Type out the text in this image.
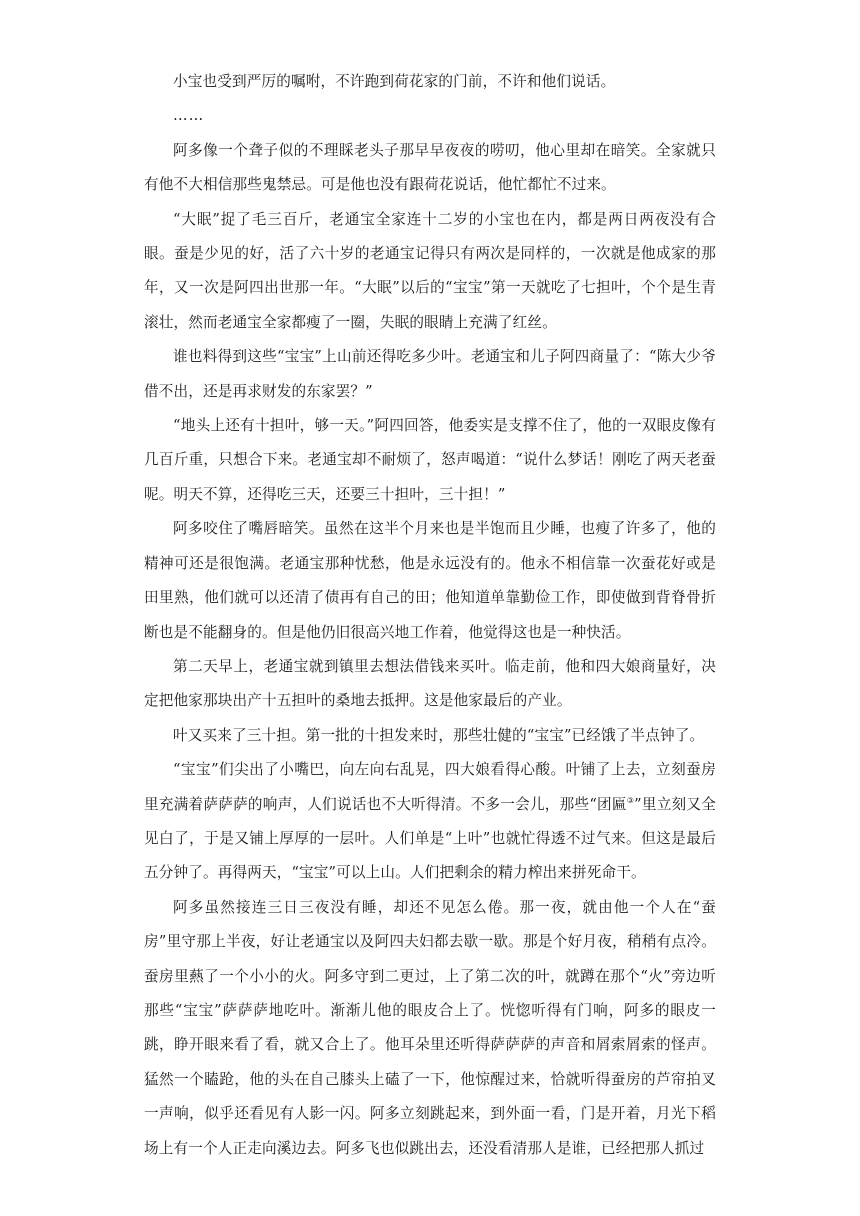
小宝也受到严厉的嘱咐，不许跑到荷花家的门前，不许和他们说话。

……

阿多像一个聋子似的不理睬老头子那早早夜夜的唠叨，他心里却在暗笑。全家就只有他不大相信那些鬼禁忌。可是他也没有跟荷花说话，他忙都忙不过来。

“大眠”捉了毛三百斤，老通宝全家连十二岁的小宝也在内，都是两日两夜没有合眼。蚕是少见的好，活了六十岁的老通宝记得只有两次是同样的，一次就是他成家的那年，又一次是阿四出世那一年。“大眠”以后的“宝宝”第一天就吃了七担叶，个个是生青滚壮，然而老通宝全家都瘦了一圈，失眠的眼睛上充满了红丝。

谁也料得到这些“宝宝”上山前还得吃多少叶。老通宝和儿子阿四商量了：“陈大少爷借不出，还是再求财发的东家罢？”

“地头上还有十担叶，够一天。”阿四回答，他委实是支撑不住了，他的一双眼皮像有几百斤重，只想合下来。老通宝却不耐烦了，怒声喝道：“说什么梦话！刚吃了两天老蚕呢。明天不算，还得吃三天，还要三十担叶，三十担！”

阿多咬住了嘴唇暗笑。虽然在这半个月来也是半饱而且少睡，也瘦了许多了，他的精神可还是很饱满。老通宝那种忧愁，他是永远没有的。他永不相信靠一次蚕花好或是田里熟，他们就可以还清了债再有自己的田；他知道单靠勤俭工作，即使做到背脊骨折断也是不能翻身的。但是他仍旧很高兴地工作着，他觉得这也是一种快活。

第二天早上，老通宝就到镇里去想法借钱来买叶。临走前，他和四大娘商量好，决定把他家那块出产十五担叶的桑地去抵押。这是他家最后的产业。

叶又买来了三十担。第一批的十担发来时，那些壮健的“宝宝”已经饿了半点钟了。

“宝宝”们尖出了小嘴巴，向左向右乱晃，四大娘看得心酸。叶铺了上去，立刻蚕房里充满着萨萨萨的响声，人们说话也不大听得清。不多一会儿，那些“团匾③”里立刻又全见白了，于是又铺上厚厚的一层叶。人们单是“上叶”也就忙得透不过气来。但这是最后五分钟了。再得两天，“宝宝”可以上山。人们把剩余的精力榨出来拼死命干。

阿多虽然接连三日三夜没有睡，却还不见怎么倦。那一夜，就由他一个人在“蚕房”里守那上半夜，好让老通宝以及阿四夫妇都去歇一歇。那是个好月夜，稍稍有点冷。蚕房里爇了一个小小的火。阿多守到二更过，上了第二次的叶，就蹲在那个“火”旁边听那些“宝宝”萨萨萨地吃叶。渐渐儿他的眼皮合上了。恍惚听得有门响，阿多的眼皮一跳，睁开眼来看了看，就又合上了。他耳朵里还听得萨萨萨的声音和屑索屑索的怪声。猛然一个瞌跄，他的头在自己膝头上磕了一下，他惊醒过来，恰就听得蚕房的芦帘拍叉一声响，似乎还看见有人影一闪。阿多立刻跳起来，到外面一看，门是开着，月光下稻场上有一个人正走向溪边去。阿多飞也似跳出去，还没看清那人是谁，已经把那人抓过
